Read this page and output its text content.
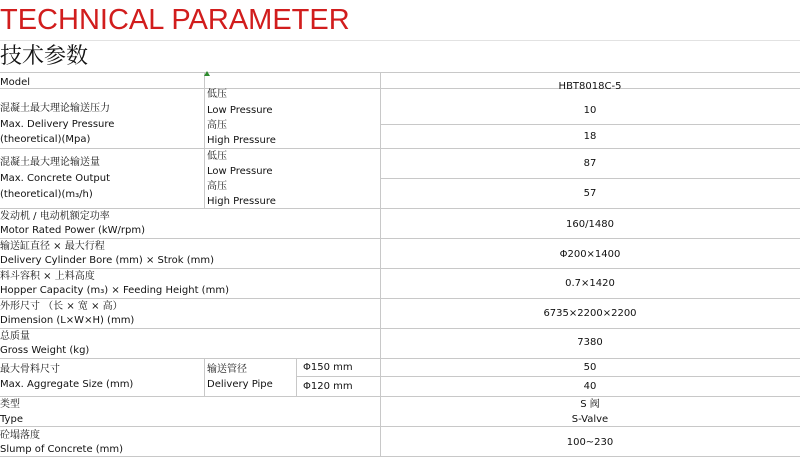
TECHNICAL PARAMETER
技术参数
Model	HBT8018C-5
混凝土最大理论输送压力
Max. Delivery Pressure
(theoretical)(Mpa)
低压
Low Pressure
高压
High Pressure
10
18
混凝土最大理论输送量
Max. Concrete Output
(theoretical)(m₃/h)
低压
Low Pressure
高压
High Pressure
87
57
发动机 / 电动机额定功率
Motor Rated Power (kW/rpm)
160/1480
输送缸直径 × 最大行程
Delivery Cylinder Bore (mm) × Strok (mm)
Φ200×1400
料斗容积 × 上料高度
Hopper Capacity (m₃) × Feeding Height (mm)
0.7×1420
外形尺寸 （长 × 宽 × 高）
Dimension (L×W×H) (mm)
6735×2200×2200
总质量
Gross Weight (kg)
7380
最大骨料尺寸
Max. Aggregate Size (mm)
输送管径
Delivery Pipe
Φ150 mm
Φ120 mm
50
40
类型
Type
S 阀
S-Valve
砼塌落度
Slump of Concrete (mm)
100~230
